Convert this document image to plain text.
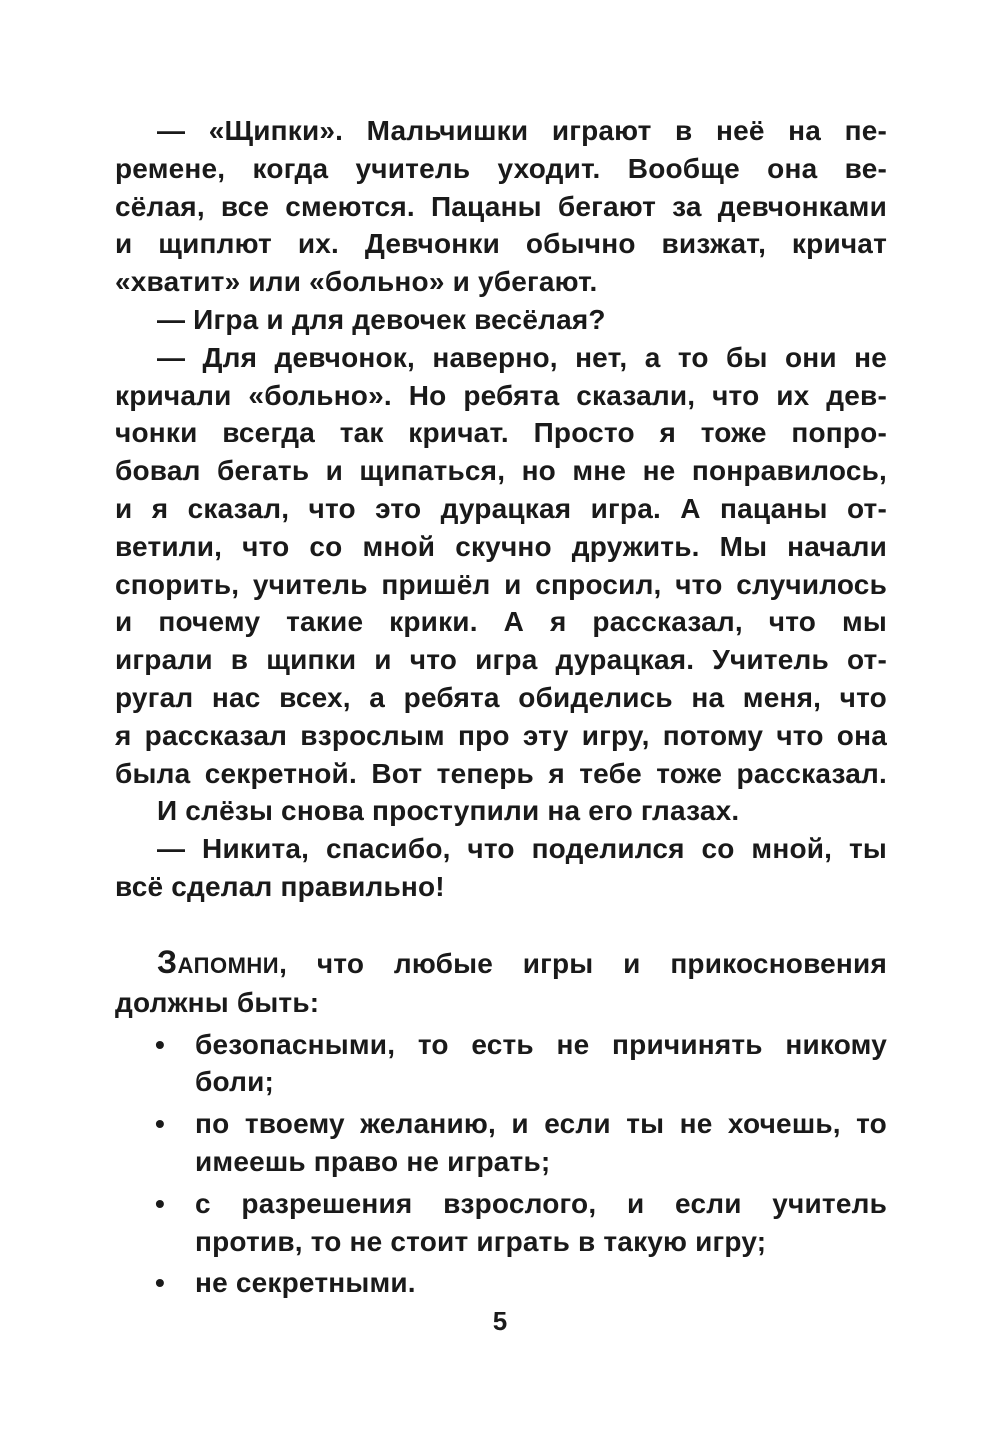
— «Щипки». Мальчишки играют в неё на пе-
ремене, когда учитель уходит. Вообще она ве-
сёлая, все смеются. Пацаны бегают за девчонками
и щиплют их. Девчонки обычно визжат, кричат
«хватит» или «больно» и убегают.
— Игра и для девочек весёлая?
— Для девчонок, наверно, нет, а то бы они не
кричали «больно». Но ребята сказали, что их дев-
чонки всегда так кричат. Просто я тоже попро-
бовал бегать и щипаться, но мне не понравилось,
и я сказал, что это дурацкая игра. А пацаны от-
ветили, что со мной скучно дружить. Мы начали
спорить, учитель пришёл и спросил, что случилось
и почему такие крики. А я рассказал, что мы
играли в щипки и что игра дурацкая. Учитель от-
ругал нас всех, а ребята обиделись на меня, что
я рассказал взрослым про эту игру, потому что она
была секретной. Вот теперь я тебе тоже рассказал.
И слёзы снова проступили на его глазах.
— Никита, спасибо, что поделился со мной, ты
всё сделал правильно!
Запомни, что любые игры и прикосновения
должны быть:
• безопасными, то есть не причинять никому
боли;
• по твоему желанию, и если ты не хочешь, то
имеешь право не играть;
• с разрешения взрослого, и если учитель
против, то не стоит играть в такую игру;
• не секретными.
5
